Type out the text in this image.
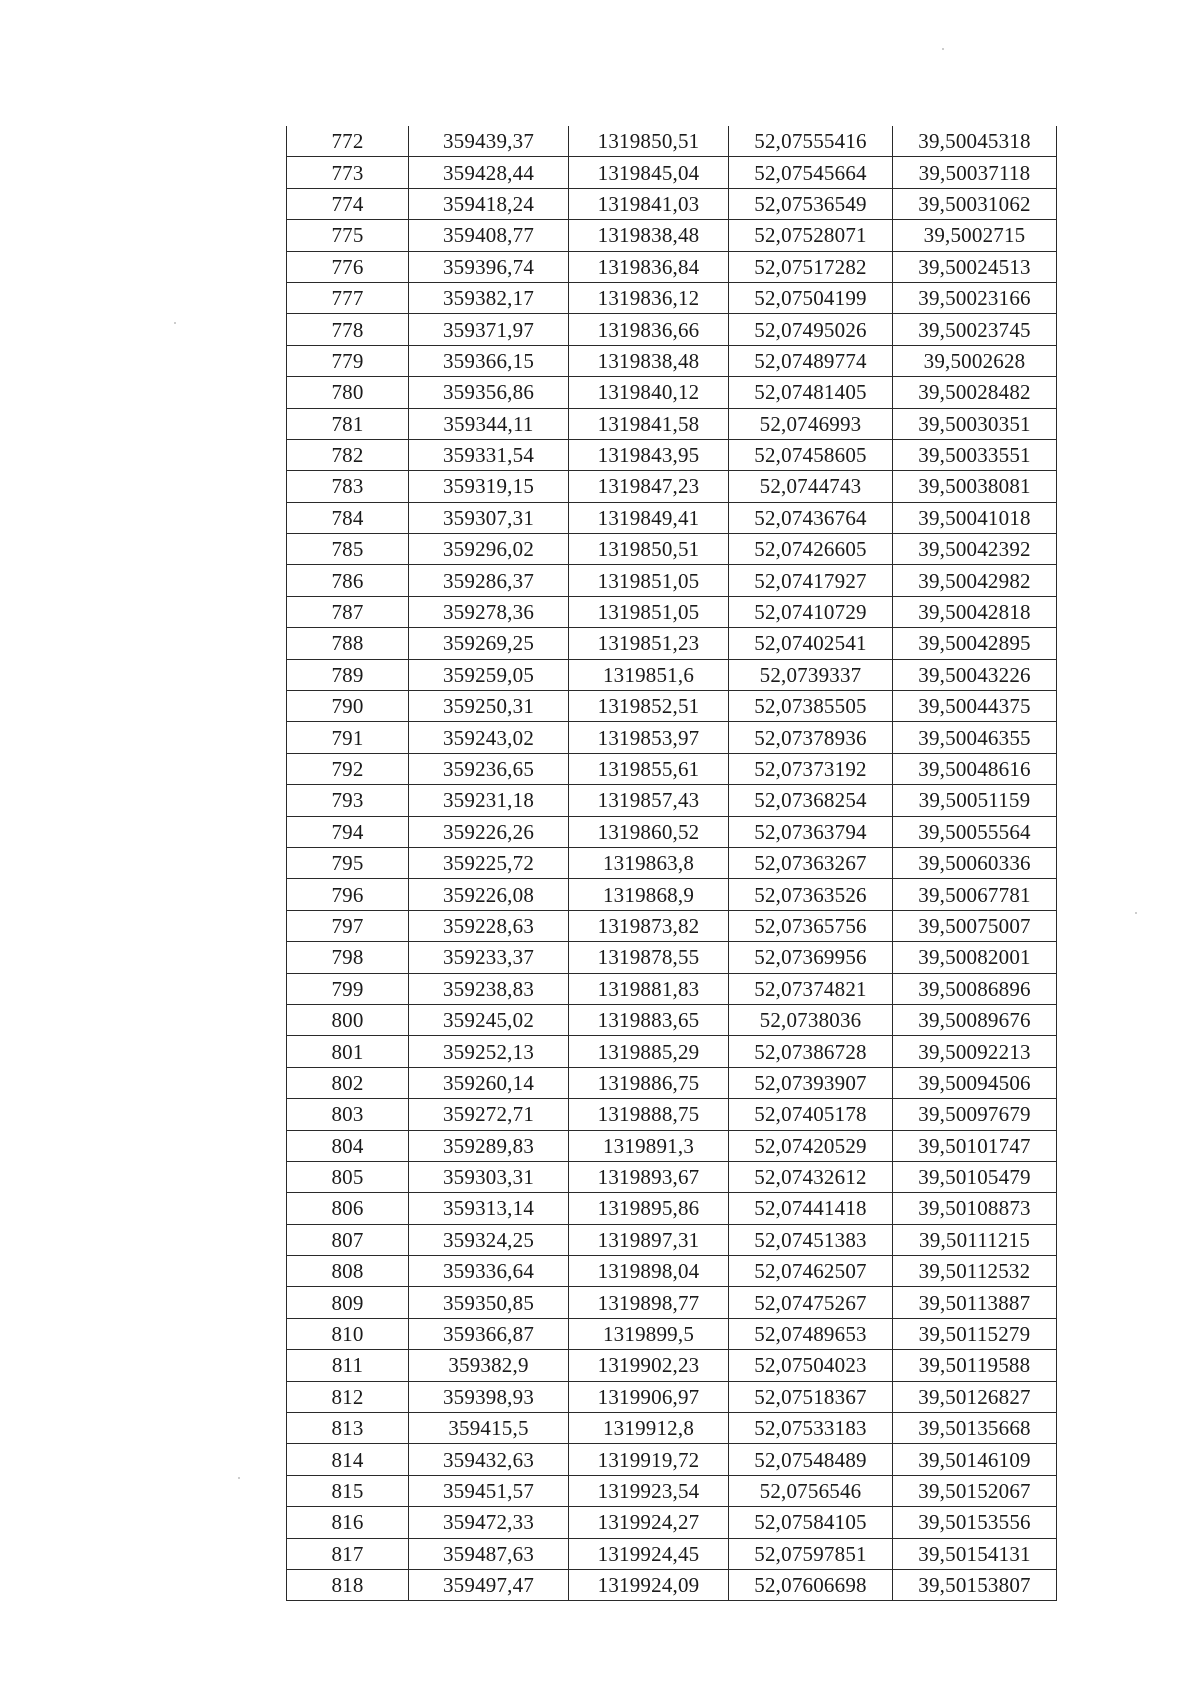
772	359439,37	1319850,51	52,07555416	39,50045318
773	359428,44	1319845,04	52,07545664	39,50037118
774	359418,24	1319841,03	52,07536549	39,50031062
775	359408,77	1319838,48	52,07528071	39,5002715
776	359396,74	1319836,84	52,07517282	39,50024513
777	359382,17	1319836,12	52,07504199	39,50023166
778	359371,97	1319836,66	52,07495026	39,50023745
779	359366,15	1319838,48	52,07489774	39,5002628
780	359356,86	1319840,12	52,07481405	39,50028482
781	359344,11	1319841,58	52,0746993	39,50030351
782	359331,54	1319843,95	52,07458605	39,50033551
783	359319,15	1319847,23	52,0744743	39,50038081
784	359307,31	1319849,41	52,07436764	39,50041018
785	359296,02	1319850,51	52,07426605	39,50042392
786	359286,37	1319851,05	52,07417927	39,50042982
787	359278,36	1319851,05	52,07410729	39,50042818
788	359269,25	1319851,23	52,07402541	39,50042895
789	359259,05	1319851,6	52,0739337	39,50043226
790	359250,31	1319852,51	52,07385505	39,50044375
791	359243,02	1319853,97	52,07378936	39,50046355
792	359236,65	1319855,61	52,07373192	39,50048616
793	359231,18	1319857,43	52,07368254	39,50051159
794	359226,26	1319860,52	52,07363794	39,50055564
795	359225,72	1319863,8	52,07363267	39,50060336
796	359226,08	1319868,9	52,07363526	39,50067781
797	359228,63	1319873,82	52,07365756	39,50075007
798	359233,37	1319878,55	52,07369956	39,50082001
799	359238,83	1319881,83	52,07374821	39,50086896
800	359245,02	1319883,65	52,0738036	39,50089676
801	359252,13	1319885,29	52,07386728	39,50092213
802	359260,14	1319886,75	52,07393907	39,50094506
803	359272,71	1319888,75	52,07405178	39,50097679
804	359289,83	1319891,3	52,07420529	39,50101747
805	359303,31	1319893,67	52,07432612	39,50105479
806	359313,14	1319895,86	52,07441418	39,50108873
807	359324,25	1319897,31	52,07451383	39,50111215
808	359336,64	1319898,04	52,07462507	39,50112532
809	359350,85	1319898,77	52,07475267	39,50113887
810	359366,87	1319899,5	52,07489653	39,50115279
811	359382,9	1319902,23	52,07504023	39,50119588
812	359398,93	1319906,97	52,07518367	39,50126827
813	359415,5	1319912,8	52,07533183	39,50135668
814	359432,63	1319919,72	52,07548489	39,50146109
815	359451,57	1319923,54	52,0756546	39,50152067
816	359472,33	1319924,27	52,07584105	39,50153556
817	359487,63	1319924,45	52,07597851	39,50154131
818	359497,47	1319924,09	52,07606698	39,50153807
